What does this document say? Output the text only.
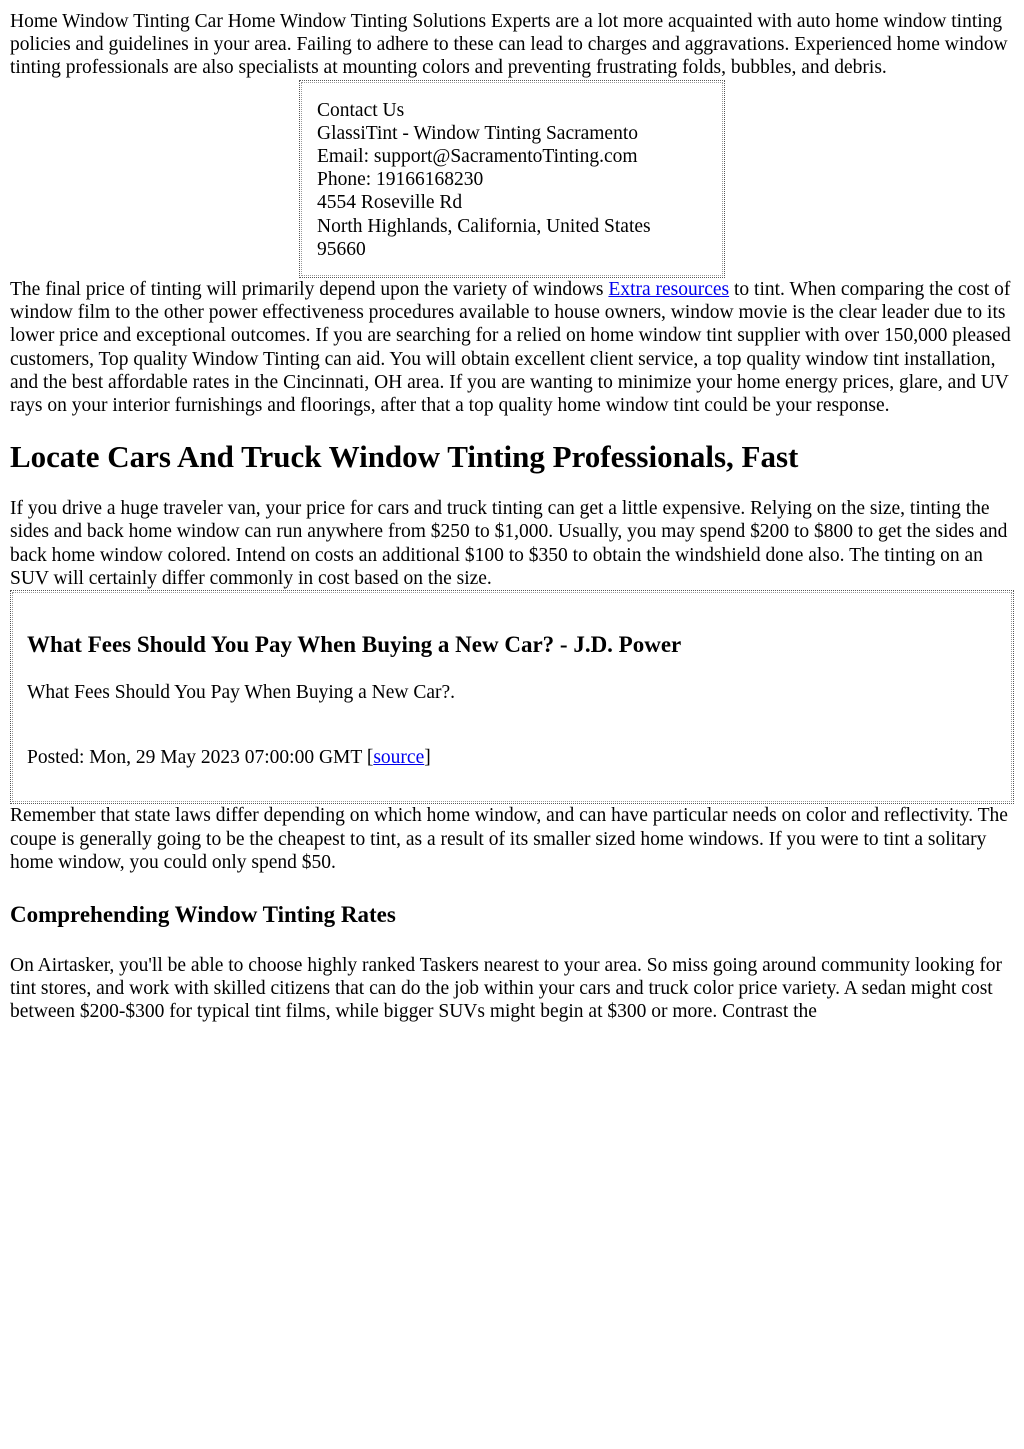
Home Window Tinting Car Home Window Tinting Solutions Experts are a lot more acquainted with auto home window tinting policies and guidelines in your area. Failing to adhere to these can lead to charges and aggravations. Experienced home window tinting professionals are also specialists at mounting colors and preventing frustrating folds, bubbles, and debris.

Contact Us
GlassiTint - Window Tinting Sacramento
Email: support@SacramentoTinting.com
Phone: 19166168230
4554 Roseville Rd
North Highlands, California, United States
95660

The final price of tinting will primarily depend upon the variety of windows Extra resources to tint. When comparing the cost of window film to the other power effectiveness procedures available to house owners, window movie is the clear leader due to its lower price and exceptional outcomes. If you are searching for a relied on home window tint supplier with over 150,000 pleased customers, Top quality Window Tinting can aid. You will obtain excellent client service, a top quality window tint installation, and the best affordable rates in the Cincinnati, OH area. If you are wanting to minimize your home energy prices, glare, and UV rays on your interior furnishings and floorings, after that a top quality home window tint could be your response.

Locate Cars And Truck Window Tinting Professionals, Fast

If you drive a huge traveler van, your price for cars and truck tinting can get a little expensive. Relying on the size, tinting the sides and back home window can run anywhere from $250 to $1,000. Usually, you may spend $200 to $800 to get the sides and back home window colored. Intend on costs an additional $100 to $350 to obtain the windshield done also. The tinting on an SUV will certainly differ commonly in cost based on the size.

What Fees Should You Pay When Buying a New Car? - J.D. Power

What Fees Should You Pay When Buying a New Car?.

Posted: Mon, 29 May 2023 07:00:00 GMT [source]

Remember that state laws differ depending on which home window, and can have particular needs on color and reflectivity. The coupe is generally going to be the cheapest to tint, as a result of its smaller sized home windows. If you were to tint a solitary home window, you could only spend $50.

Comprehending Window Tinting Rates

On Airtasker, you'll be able to choose highly ranked Taskers nearest to your area. So miss going around community looking for tint stores, and work with skilled citizens that can do the job within your cars and truck color price variety. A sedan might cost between $200-$300 for typical tint films, while bigger SUVs might begin at $300 or more. Contrast the
